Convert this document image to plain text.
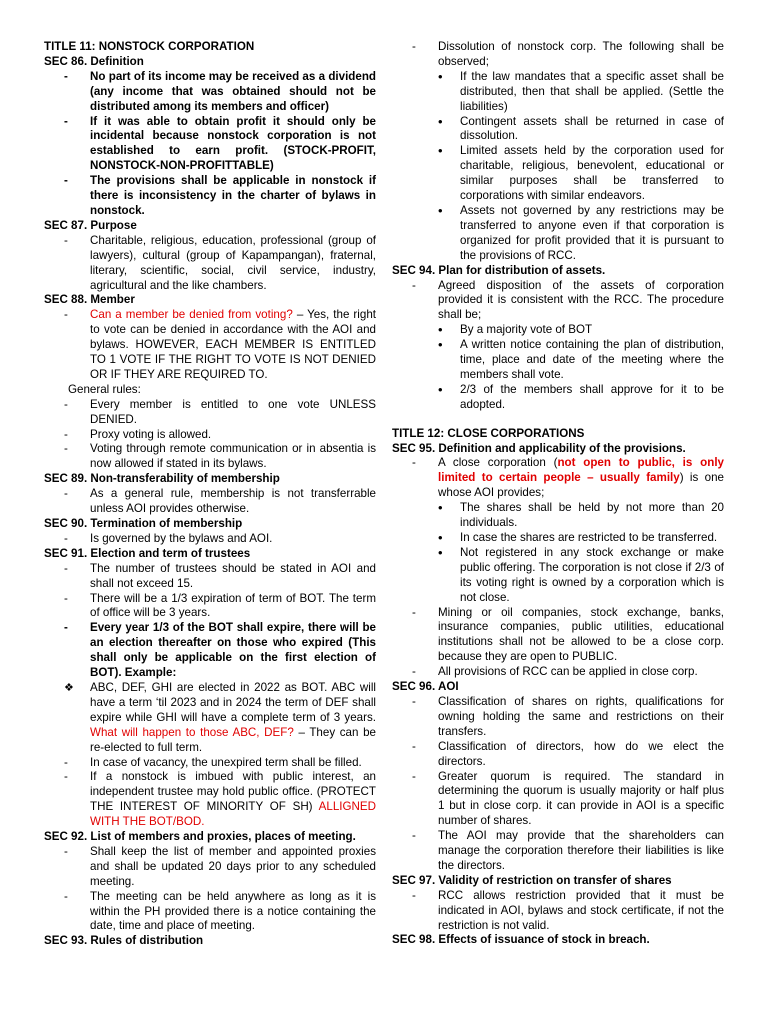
TITLE 11: NONSTOCK CORPORATION

SEC 86. Definition

- No part of its income may be received as a dividend (any income that was obtained should not be distributed among its members and officer)
- If it was able to obtain profit it should only be incidental because nonstock corporation is not established to earn profit. (STOCK-PROFIT, NONSTOCK-NON-PROFITTABLE)
- The provisions shall be applicable in nonstock if there is inconsistency in the charter of bylaws in nonstock.

SEC 87. Purpose

- Charitable, religious, education, professional (group of lawyers), cultural (group of Kapampangan), fraternal, literary, scientific, social, civil service, industry, agricultural and the like chambers.

SEC 88. Member

- Can a member be denied from voting? – Yes, the right to vote can be denied in accordance with the AOI and bylaws. HOWEVER, EACH MEMBER IS ENTITLED TO 1 VOTE IF THE RIGHT TO VOTE IS NOT DENIED OR IF THEY ARE REQUIRED TO.

General rules:

- Every member is entitled to one vote UNLESS DENIED.
- Proxy voting is allowed.
- Voting through remote communication or in absentia is now allowed if stated in its bylaws.

SEC 89. Non-transferability of membership

- As a general rule, membership is not transferrable unless AOI provides otherwise.

SEC 90. Termination of membership

- Is governed by the bylaws and AOI.

SEC 91. Election and term of trustees

- The number of trustees should be stated in AOI and shall not exceed 15.
- There will be a 1/3 expiration of term of BOT. The term of office will be 3 years.
- Every year 1/3 of the BOT shall expire, there will be an election thereafter on those who expired (This shall only be applicable on the first election of BOT). Example:
❖ ABC, DEF, GHI are elected in 2022 as BOT. ABC will have a term ‘til 2023 and in 2024 the term of DEF shall expire while GHI will have a complete term of 3 years. What will happen to those ABC, DEF? – They can be re-elected to full term.
- In case of vacancy, the unexpired term shall be filled.
- If a nonstock is imbued with public interest, an independent trustee may hold public office. (PROTECT THE INTEREST OF MINORITY OF SH) ALLIGNED WITH THE BOT/BOD.

SEC 92. List of members and proxies, places of meeting.

- Shall keep the list of member and appointed proxies and shall be updated 20 days prior to any scheduled meeting.
- The meeting can be held anywhere as long as it is within the PH provided there is a notice containing the date, time and place of meeting.

SEC 93. Rules of distribution

- Dissolution of nonstock corp. The following shall be observed;
• If the law mandates that a specific asset shall be distributed, then that shall be applied. (Settle the liabilities)
• Contingent assets shall be returned in case of dissolution.
• Limited assets held by the corporation used for charitable, religious, benevolent, educational or similar purposes shall be transferred to corporations with similar endeavors.
• Assets not governed by any restrictions may be transferred to anyone even if that corporation is organized for profit provided that it is pursuant to the provisions of RCC.

SEC 94. Plan for distribution of assets.

- Agreed disposition of the assets of corporation provided it is consistent with the RCC. The procedure shall be;
• By a majority vote of BOT
• A written notice containing the plan of distribution, time, place and date of the meeting where the members shall vote.
• 2/3 of the members shall approve for it to be adopted.

TITLE 12: CLOSE CORPORATIONS

SEC 95. Definition and applicability of the provisions.

- A close corporation (not open to public, is only limited to certain people – usually family) is one whose AOI provides;
• The shares shall be held by not more than 20 individuals.
• In case the shares are restricted to be transferred.
• Not registered in any stock exchange or make public offering. The corporation is not close if 2/3 of its voting right is owned by a corporation which is not close.
- Mining or oil companies, stock exchange, banks, insurance companies, public utilities, educational institutions shall not be allowed to be a close corp. because they are open to PUBLIC.
- All provisions of RCC can be applied in close corp.

SEC 96. AOI

- Classification of shares on rights, qualifications for owning holding the same and restrictions on their transfers.
- Classification of directors, how do we elect the directors.
- Greater quorum is required. The standard in determining the quorum is usually majority or half plus 1 but in close corp. it can provide in AOI is a specific number of shares.
- The AOI may provide that the shareholders can manage the corporation therefore their liabilities is like the directors.

SEC 97. Validity of restriction on transfer of shares

- RCC allows restriction provided that it must be indicated in AOI, bylaws and stock certificate, if not the restriction is not valid.

SEC 98. Effects of issuance of stock in breach.
